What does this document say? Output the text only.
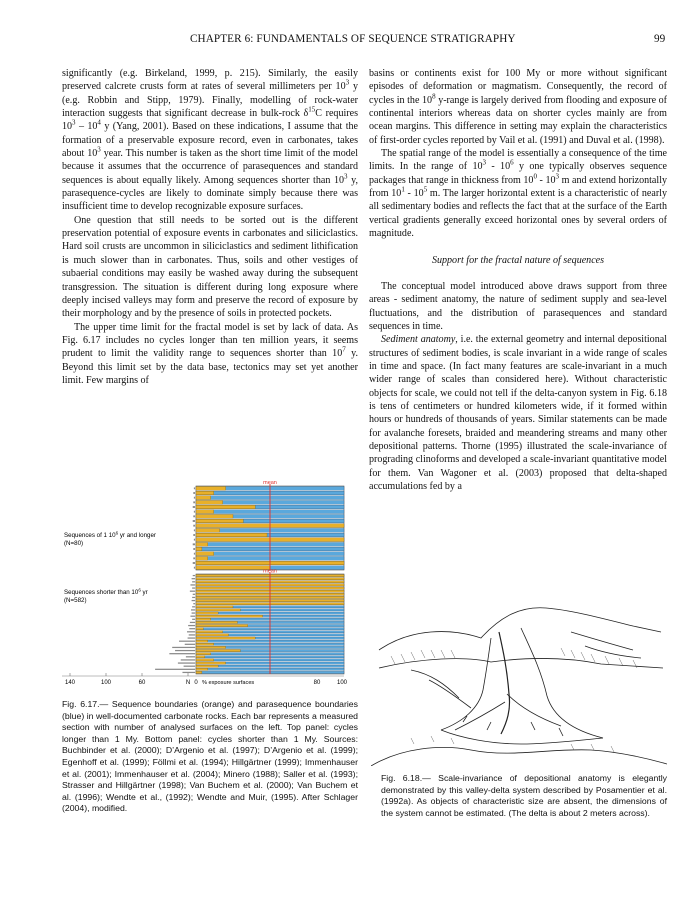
CHAPTER 6: FUNDAMENTALS OF SEQUENCE STRATIGRAPHY	99

significantly (e.g. Birkeland, 1999, p. 215). Similarly, the easily preserved calcrete crusts form at rates of several millimeters per $10^3$ y (e.g. Robbin and Stipp, 1979). Finally, modelling of rock-water interaction suggests that significant decrease in bulk-rock $\delta^{15}C$ requires $10^3 - 10^4$ y (Yang, 2001). Based on these indications, I assume that the formation of a preservable exposure record, even in carbonates, takes about $10^3$ year. This number is taken as the short time limit of the model because it assumes that the occurrence of parasequences and standard sequences is about equally likely. Among sequences shorter than $10^3$ y, parasequence-cycles are likely to dominate simply because there was insufficient time to develop recognizable exposure surfaces.

One question that still needs to be sorted out is the different preservation potential of exposure events in carbonates and siliciclastics. Hard soil crusts are uncommon in siliciclastics and sediment lithification is much slower than in carbonates. Thus, soils and other vestiges of subaerial conditions may easily be washed away during the subsequent transgression. The situation is different during long exposure where deeply incised valleys may form and preserve the record of exposure by their morphology and by the presence of soils in protected pockets.

The upper time limit for the fractal model is set by lack of data. As Fig. 6.17 includes no cycles longer than ten million years, it seems prudent to limit the validity range to sequences shorter than $10^7$ y. Beyond this limit set by the data base, tectonics may set yet another limit. Few margins of

basins or continents exist for 100 My or more without significant episodes of deformation or magmatism. Consequently, the record of cycles in the $10^8$ y-range is largely derived from flooding and exposure of continental interiors whereas data on shorter cycles mainly are from ocean margins. This difference in setting may explain the characteristics of first-order cycles reported by Vail et al. (1991) and Duval et al. (1998).

The spatial range of the model is essentially a consequence of the time limits. In the range of $10^3 - 10^6$ y one typically observes sequence packages that range in thickness from $10^0 - 10^3$ m and extend horizontally from $10^1 - 10^5$ m. The larger horizontal extent is a characteristic of nearly all sedimentary bodies and reflects the fact that at the surface of the Earth vertical gradients generally exceed horizontal ones by several orders of magnitude.

Support for the fractal nature of sequences

The conceptual model introduced above draws support from three areas - sediment anatomy, the nature of sediment supply and sea-level fluctuations, and the distribution of parasequences and standard sequences in time.

Sediment anatomy, i.e. the external geometry and internal depositional structures of sediment bodies, is scale invariant in a wide range of scales in time and space. (In fact many features are scale-invariant in a much wider range of scales than considered here). Without characteristic objects for scale, we could not tell if the delta-canyon system in Fig. 6.18 is tens of centimeters or hundred kilometers wide, if it formed within hours or hundreds of thousands of years. Similar statements can be made for avalanche foresets, braided and meandering streams and many other depositional patterns. Thorne (1995) illustrated the scale-invariance of prograding clinoforms and developed a scale-invariant quantitative model for them. Van Wagoner et al. (2003) proposed that delta-shaped accumulations fed by a

mean
mean
Sequences of 1 $10^6$ yr and longer
(N=80)
Sequences shorter than $10^6$ yr
(N=582)
140	100	60	N 0	80	100
% exposure surfaces
Fig. 6.17.— Sequence boundaries (orange) and parasequence boundaries (blue) in well-documented carbonate rocks. Each bar represents a measured section with number of analysed surfaces on the left. Top panel: cycles longer than 1 My. Bottom panel: cycles shorter than 1 My. Sources: Buchbinder et al. (2000); D’Argenio et al. (1997); D’Argenio et al. (1999); Egenhoff et al. (1999); Föllmi et al. (1994); Hillgärtner (1999); Immenhauser et al. (2001); Immenhauser et al. (2004); Minero (1988); Saller et al. (1993); Strasser and Hillgärtner (1998); Van Buchem et al. (2000); Van Buchem et al. (1996); Wendte et al., (1992); Wendte and Muir, (1995). After Schlager (2004), modified.
Fig. 6.18.— Scale-invariance of depositional anatomy is elegantly demonstrated by this valley-delta system described by Posamentier et al. (1992a). As objects of characteristic size are absent, the dimensions of the system cannot be estimated. (The delta is about 2 meters across).
